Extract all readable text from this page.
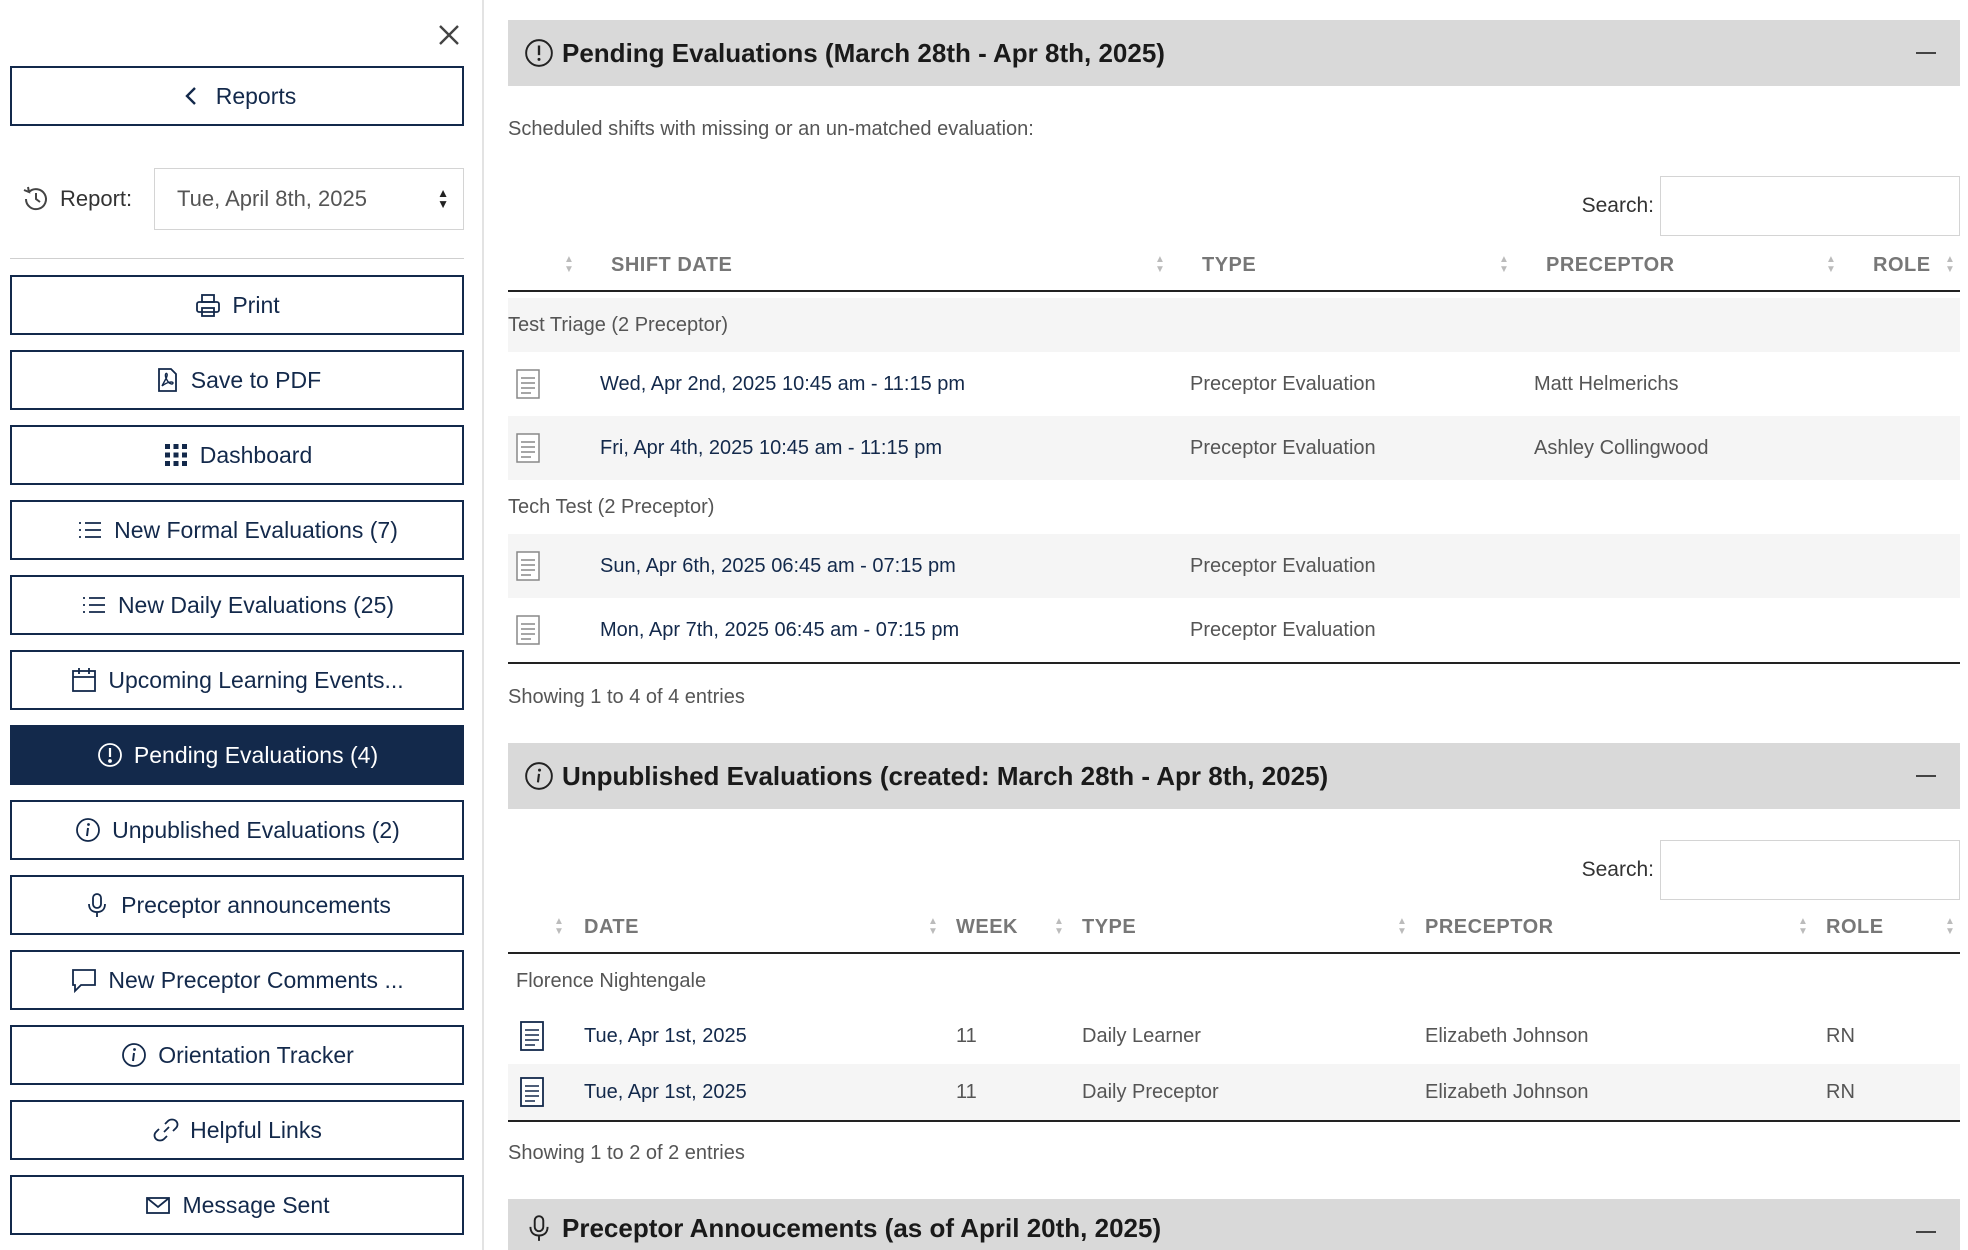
Reports
Report: Tue, April 8th, 2025	▲
▼
Print
Save to PDF
Dashboard
New Formal Evaluations (7)
New Daily Evaluations (25)
Upcoming Learning Events...
Pending Evaluations (4)
Unpublished Evaluations (2)
Preceptor announcements
New Preceptor Comments ...
Orientation Tracker
Helpful Links
Message Sent
Pending Evaluations (March 28th - Apr 8th, 2025)
Scheduled shifts with missing or an un-matched evaluation:
Search:
▲
▼ SHIFT DATE	▲
▼ TYPE	▲
▼ PRECEPTOR	▲
▼ ROLE ▲
▼
Test Triage (2 Preceptor)
Wed, Apr 2nd, 2025 10:45 am - 11:15 pm	Preceptor Evaluation	Matt Helmerichs
Fri, Apr 4th, 2025 10:45 am - 11:15 pm	Preceptor Evaluation	Ashley Collingwood
Tech Test (2 Preceptor)
Sun, Apr 6th, 2025 06:45 am - 07:15 pm	Preceptor Evaluation
Mon, Apr 7th, 2025 06:45 am - 07:15 pm	Preceptor Evaluation
Showing 1 to 4 of 4 entries
Unpublished Evaluations (created: March 28th - Apr 8th, 2025)
Search:
▲
▼ DATE	▲
▼ WEEK	▲
▼ TYPE	▲
▼ PRECEPTOR	▲
▼ ROLE	▲
▼
Florence Nightengale
Tue, Apr 1st, 2025	11	Daily Learner	Elizabeth Johnson	RN
Tue, Apr 1st, 2025	11	Daily Preceptor	Elizabeth Johnson	RN
Showing 1 to 2 of 2 entries
Preceptor Annoucements (as of April 20th, 2025)
